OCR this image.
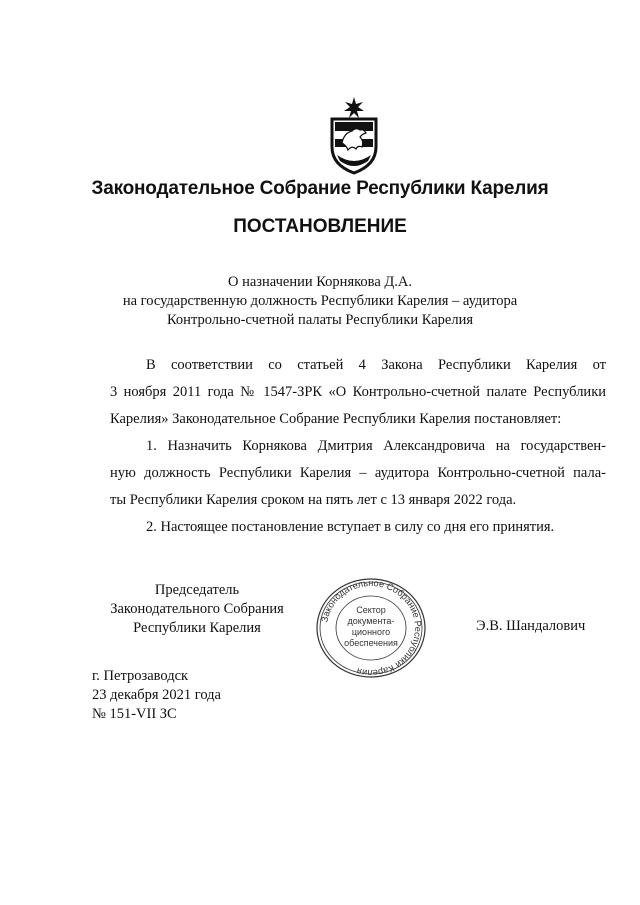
Законодательное Собрание Республики Карелия
ПОСТАНОВЛЕНИЕ
О назначении Корнякова Д.А.
на государственную должность Республики Карелия – аудитора
Контрольно-счетной палаты Республики Карелия
В соответствии со статьей 4 Закона Республики Карелия от
3 ноября 2011 года № 1547-ЗРК «О Контрольно-счетной палате Республики
Карелия» Законодательное Собрание Республики Карелия постановляет:
1. Назначить Корнякова Дмитрия Александровича на государствен-
ную должность Республики Карелия – аудитора Контрольно-счетной пала-
ты Республики Карелия сроком на пять лет с 13 января 2022 года.
2. Настоящее постановление вступает в силу со дня его принятия.
Председатель
Законодательного Собрания
Республики Карелия
Законодательное Собрание Республики Карелия
Сектор
документа-
ционного
обеспечения
Э.В. Шандалович
г. Петрозаводск
23 декабря 2021 года
№ 151-VII ЗС
